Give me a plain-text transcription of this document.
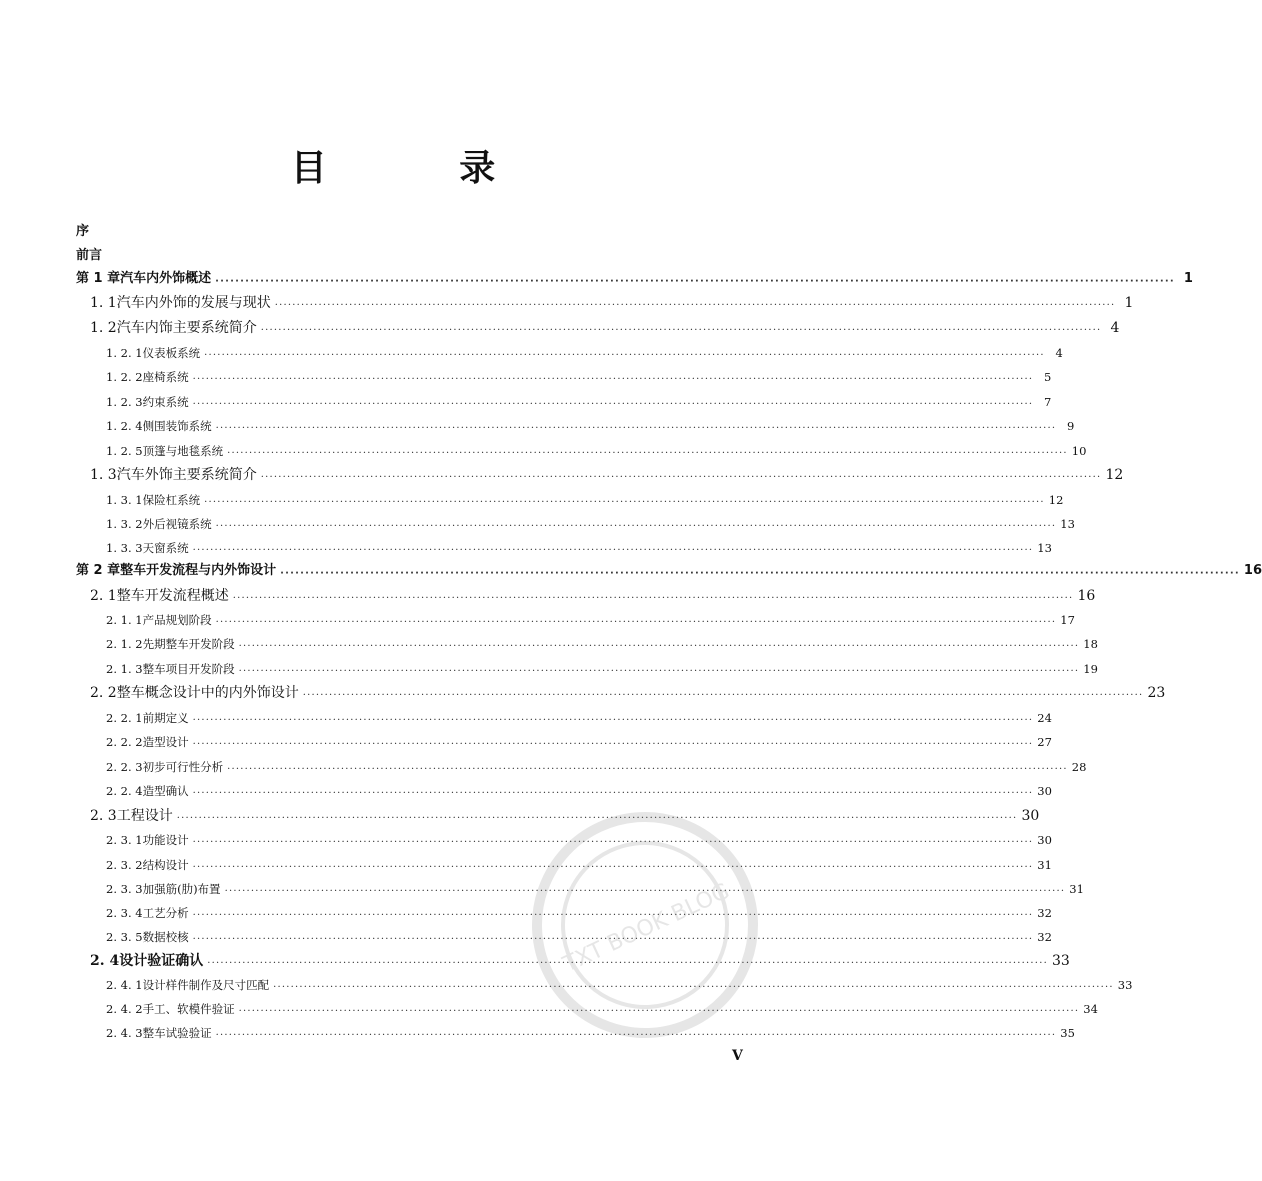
目 录
序
前言
第 1 章 汽车内外饰概述 ·····	1
1. 1 汽车内外饰的发展与现状 ·····	1
1. 2 汽车内饰主要系统简介 ·····	4
1. 2. 1 仪表板系统 ·····	4
1. 2. 2 座椅系统 ·····	5
1. 2. 3 约束系统 ·····	7
1. 2. 4 侧围装饰系统 ·····	9
1. 2. 5 顶篷与地毯系统 ·····	10
1. 3 汽车外饰主要系统简介 ·····	12
1. 3. 1 保险杠系统 ·····	12
1. 3. 2 外后视镜系统 ·····	13
1. 3. 3 天窗系统 ·····	13
第 2 章 整车开发流程与内外饰设计 ·····	16
2. 1 整车开发流程概述 ·····	16
2. 1. 1 产品规划阶段 ·····	17
2. 1. 2 先期整车开发阶段 ·····	18
2. 1. 3 整车项目开发阶段 ·····	19
2. 2 整车概念设计中的内外饰设计 ·····	23
2. 2. 1 前期定义 ·····	24
2. 2. 2 造型设计 ·····	27
2. 2. 3 初步可行性分析 ·····	28
2. 2. 4 造型确认 ·····	30
2. 3 工程设计 ·····	30
2. 3. 1 功能设计 ·····	30
2. 3. 2 结构设计 ·····	31
2. 3. 3 加强筋(肋)布置 ·····	31
2. 3. 4 工艺分析 ·····	32
2. 3. 5 数据校核 ·····	32
2. 4 设计验证确认 ·····	33
2. 4. 1 设计样件制作及尺寸匹配 ·····	33
2. 4. 2 手工、软模件验证 ·····	34
2. 4. 3 整车试验验证 ·····	35
V
TXT BOOK BLOG
